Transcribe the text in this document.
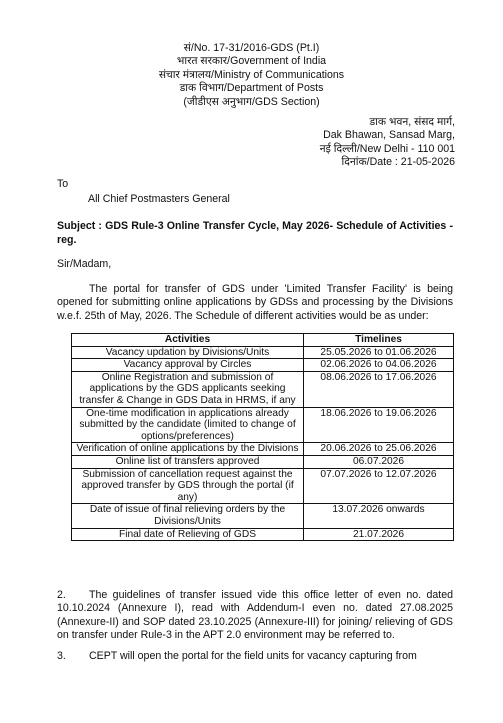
सं/No. 17-31/2016-GDS (Pt.I)
भारत सरकार/Government of India
संचार मंत्रालय/Ministry of Communications
डाक विभाग/Department of Posts
(जीडीएस अनुभाग/GDS Section)
डाक भवन, संसद मार्ग,
Dak Bhawan, Sansad Marg,
नई दिल्ली/New Delhi - 110 001
दिनांक/Date : 21-05-2026
To
All Chief Postmasters General
Subject : GDS Rule-3 Online Transfer Cycle, May 2026- Schedule of Activities - reg.
Sir/Madam,
The portal for transfer of GDS under 'Limited Transfer Facility' is being opened for submitting online applications by GDSs and processing by the Divisions w.e.f. 25th of May, 2026. The Schedule of different activities would be as under:
Activities	Timelines
Vacancy updation by Divisions/Units	25.05.2026 to 01.06.2026
Vacancy approval by Circles	02.06.2026 to 04.06.2026
Online Registration and submission of applications by the GDS applicants seeking transfer & Change in GDS Data in HRMS, if any	08.06.2026 to 17.06.2026
One-time modification in applications already submitted by the candidate (limited to change of options/preferences)	18.06.2026 to 19.06.2026
Verification of online applications by the Divisions	20.06.2026 to 25.06.2026
Online list of transfers approved	06.07.2026
Submission of cancellation request against the approved transfer by GDS through the portal (if any)	07.07.2026 to 12.07.2026
Date of issue of final relieving orders by the Divisions/Units	13.07.2026 onwards
Final date of Relieving of GDS	21.07.2026
2. The guidelines of transfer issued vide this office letter of even no. dated 10.10.2024 (Annexure I), read with Addendum-I even no. dated 27.08.2025 (Annexure-II) and SOP dated 23.10.2025 (Annexure-III) for joining/ relieving of GDS on transfer under Rule-3 in the APT 2.0 environment may be referred to.
3. CEPT will open the portal for the field units for vacancy capturing from
